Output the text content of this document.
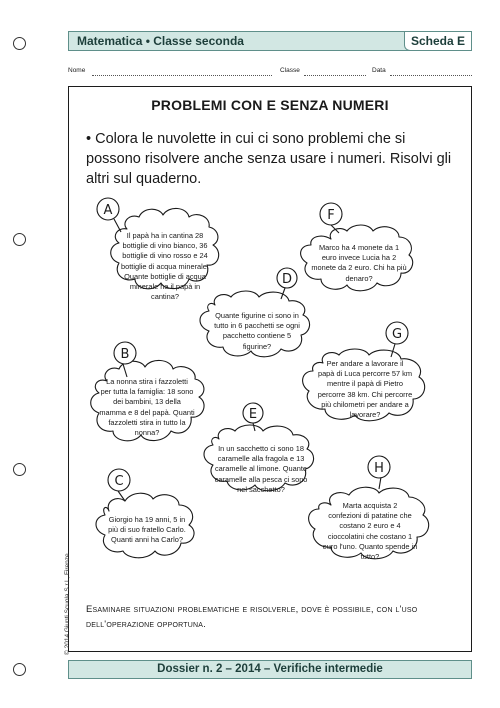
Matematica • Classe seconda	Scheda E
Nome	Classe	Data
PROBLEMI CON E SENZA NUMERI
• Colora le nuvolette in cui ci sono problemi che si possono risolvere anche senza usare i numeri. Risolvi gli altri sul quaderno.
A
B
C
D
E
F
G
H
Il papà ha in cantina 28
bottiglie di vino bianco, 36
bottiglie di vino rosso e 24
bottiglie di acqua minerale.
Quante bottiglie di acqua
minerale ha il papà in
cantina?
La nonna stira i fazzoletti
per tutta la famiglia: 18 sono
dei bambini, 13 della
mamma e 8 del papà. Quanti
fazzoletti stira in tutto la
nonna?
Giorgio ha 19 anni, 5 in
più di suo fratello Carlo.
Quanti anni ha Carlo?
Quante figurine ci sono in
tutto in 6 pacchetti se ogni
pacchetto contiene 5
figurine?
In un sacchetto ci sono 18
caramelle alla fragola e 13
caramelle al limone. Quante
caramelle alla pesca ci sono
nel sacchetto?
Marco ha 4 monete da 1
euro invece Lucia ha 2
monete da 2 euro. Chi ha più
denaro?
Per andare a lavorare il
papà di Luca percorre 57 km
mentre il papà di Pietro
percorre 38 km. Chi percorre
più chilometri per andare a
lavorare?
Marta acquista 2
confezioni di patatine che
costano 2 euro e 4
cioccolatini che costano 1
euro l'uno. Quanto spende in
tutto?
Esaminare situazioni problematiche e risolverle, dove è possibile, con l'uso dell'operazione opportuna.
© 2014 Giunti Scuola S.r.l., Firenze
Dossier n. 2 – 2014 – Verifiche intermedie
